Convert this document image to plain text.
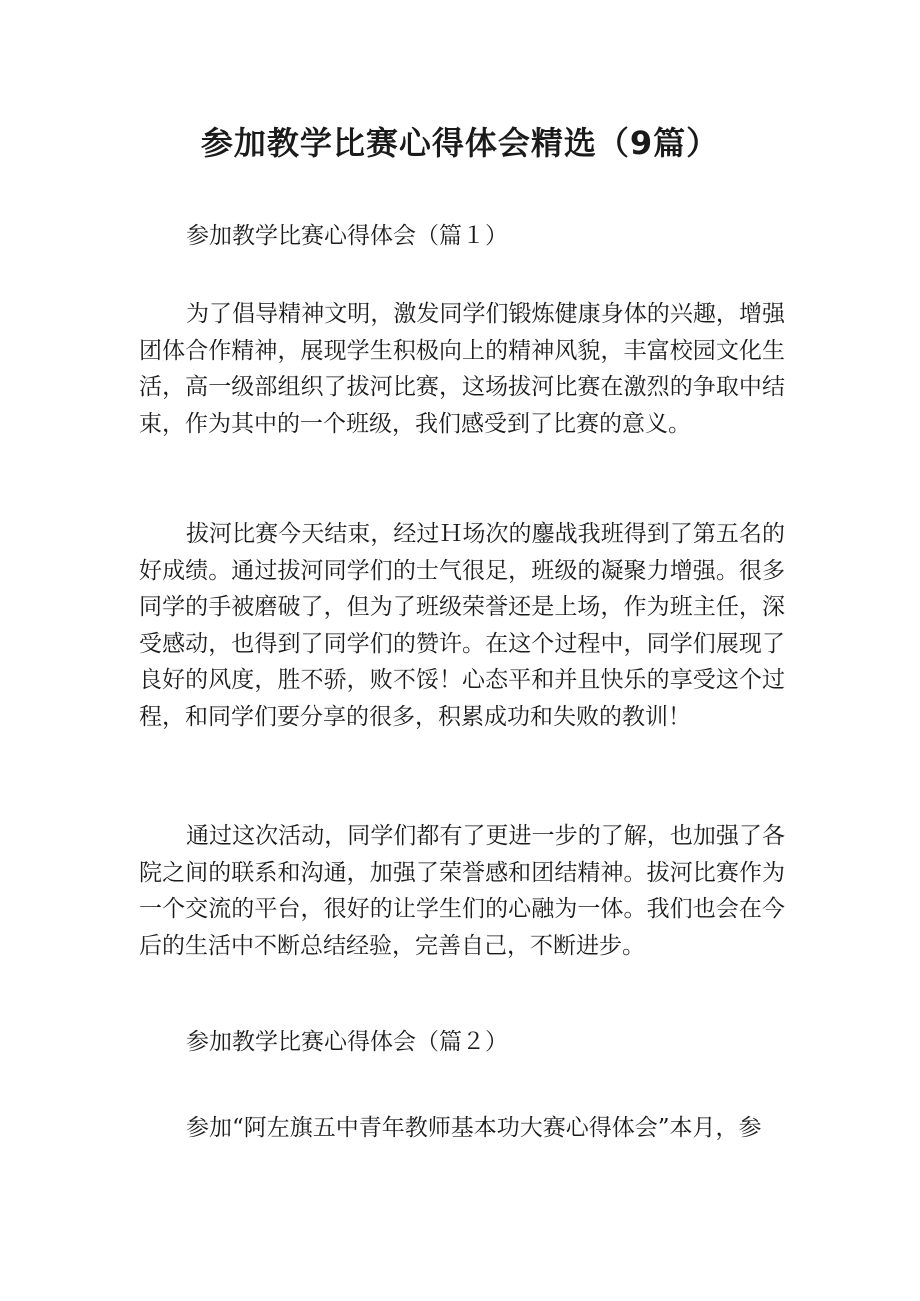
参加教学比赛心得体会精选（9篇）

参加教学比赛心得体会（篇１）

为了倡导精神文明，激发同学们锻炼健康身体的兴趣，增强团体合作精神，展现学生积极向上的精神风貌，丰富校园文化生活，高一级部组织了拔河比赛，这场拔河比赛在激烈的争取中结束，作为其中的一个班级，我们感受到了比赛的意义。

拔河比赛今天结束，经过Ｈ场次的鏖战我班得到了第五名的好成绩。通过拔河同学们的士气很足，班级的凝聚力增强。很多同学的手被磨破了，但为了班级荣誉还是上场，作为班主任，深受感动，也得到了同学们的赞许。在这个过程中，同学们展现了良好的风度，胜不骄，败不馁！心态平和并且快乐的享受这个过程，和同学们要分享的很多，积累成功和失败的教训！

通过这次活动，同学们都有了更进一步的了解，也加强了各院之间的联系和沟通，加强了荣誉感和团结精神。拔河比赛作为一个交流的平台，很好的让学生们的心融为一体。我们也会在今后的生活中不断总结经验，完善自己，不断进步。

参加教学比赛心得体会（篇２）

参加“阿左旗五中青年教师基本功大赛心得体会”本月，参
